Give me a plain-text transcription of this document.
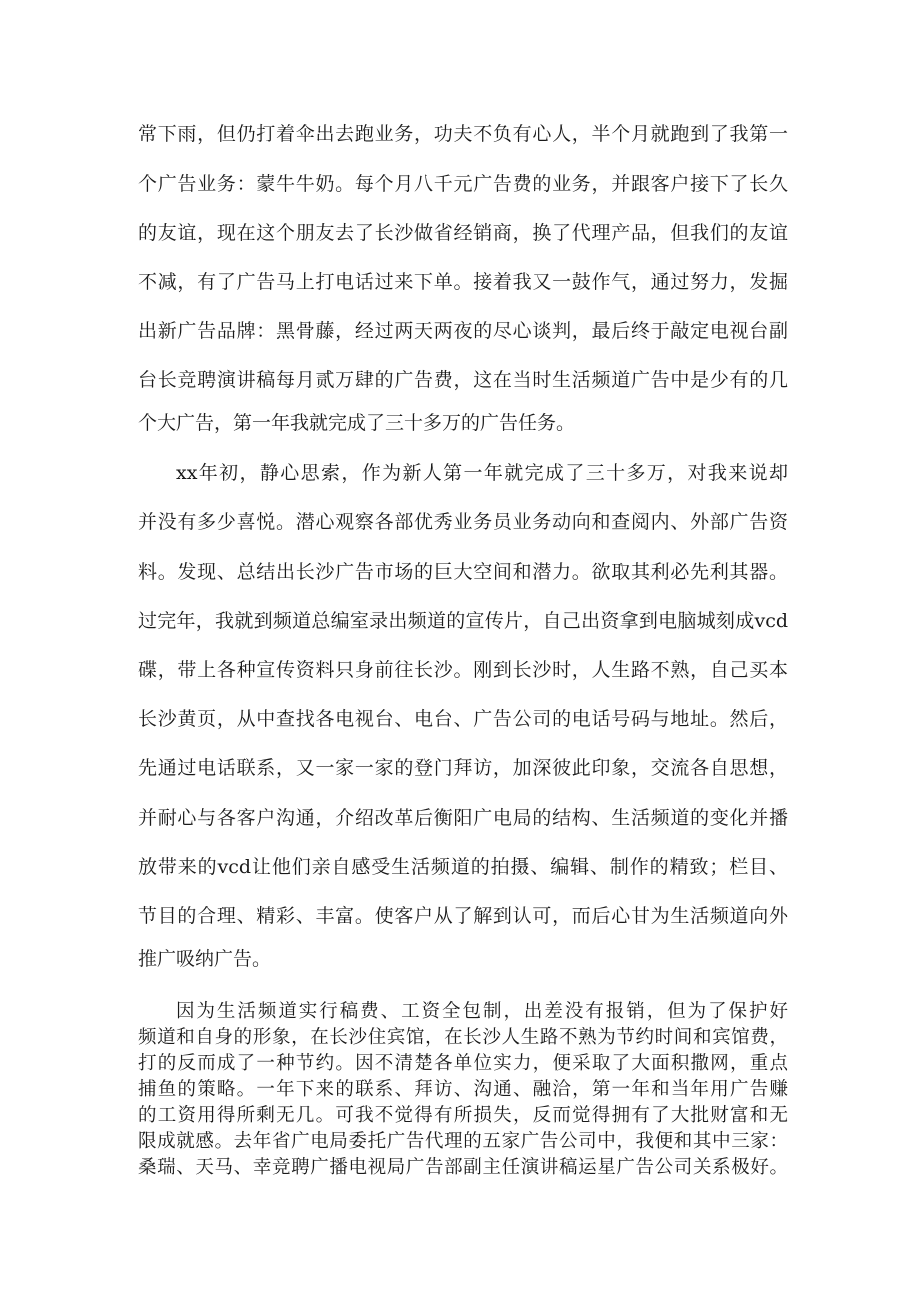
常下雨，但仍打着伞出去跑业务，功夫不负有心人，半个月就跑到了我第一
个广告业务：蒙牛牛奶。每个月八千元广告费的业务，并跟客户接下了长久
的友谊，现在这个朋友去了长沙做省经销商，换了代理产品，但我们的友谊
不减，有了广告马上打电话过来下单。接着我又一鼓作气，通过努力，发掘
出新广告品牌：黑骨藤，经过两天两夜的尽心谈判，最后终于敲定电视台副
台长竞聘演讲稿每月贰万肆的广告费，这在当时生活频道广告中是少有的几
个大广告，第一年我就完成了三十多万的广告任务。
xx年初，静心思索，作为新人第一年就完成了三十多万，对我来说却
并没有多少喜悦。潜心观察各部优秀业务员业务动向和查阅内、外部广告资
料。发现、总结出长沙广告市场的巨大空间和潜力。欲取其利必先利其器。
过完年，我就到频道总编室录出频道的宣传片，自己出资拿到电脑城刻成vcd
碟，带上各种宣传资料只身前往长沙。刚到长沙时，人生路不熟，自己买本
长沙黄页，从中查找各电视台、电台、广告公司的电话号码与地址。然后，
先通过电话联系，又一家一家的登门拜访，加深彼此印象，交流各自思想，
并耐心与各客户沟通，介绍改革后衡阳广电局的结构、生活频道的变化并播
放带来的vcd让他们亲自感受生活频道的拍摄、编辑、制作的精致；栏目、
节目的合理、精彩、丰富。使客户从了解到认可，而后心甘为生活频道向外
推广吸纳广告。
因为生活频道实行稿费、工资全包制，出差没有报销，但为了保护好
频道和自身的形象，在长沙住宾馆，在长沙人生路不熟为节约时间和宾馆费，
打的反而成了一种节约。因不清楚各单位实力，便采取了大面积撒网，重点
捕鱼的策略。一年下来的联系、拜访、沟通、融洽，第一年和当年用广告赚
的工资用得所剩无几。可我不觉得有所损失，反而觉得拥有了大批财富和无
限成就感。去年省广电局委托广告代理的五家广告公司中，我便和其中三家：
桑瑞、天马、幸竞聘广播电视局广告部副主任演讲稿运星广告公司关系极好。
